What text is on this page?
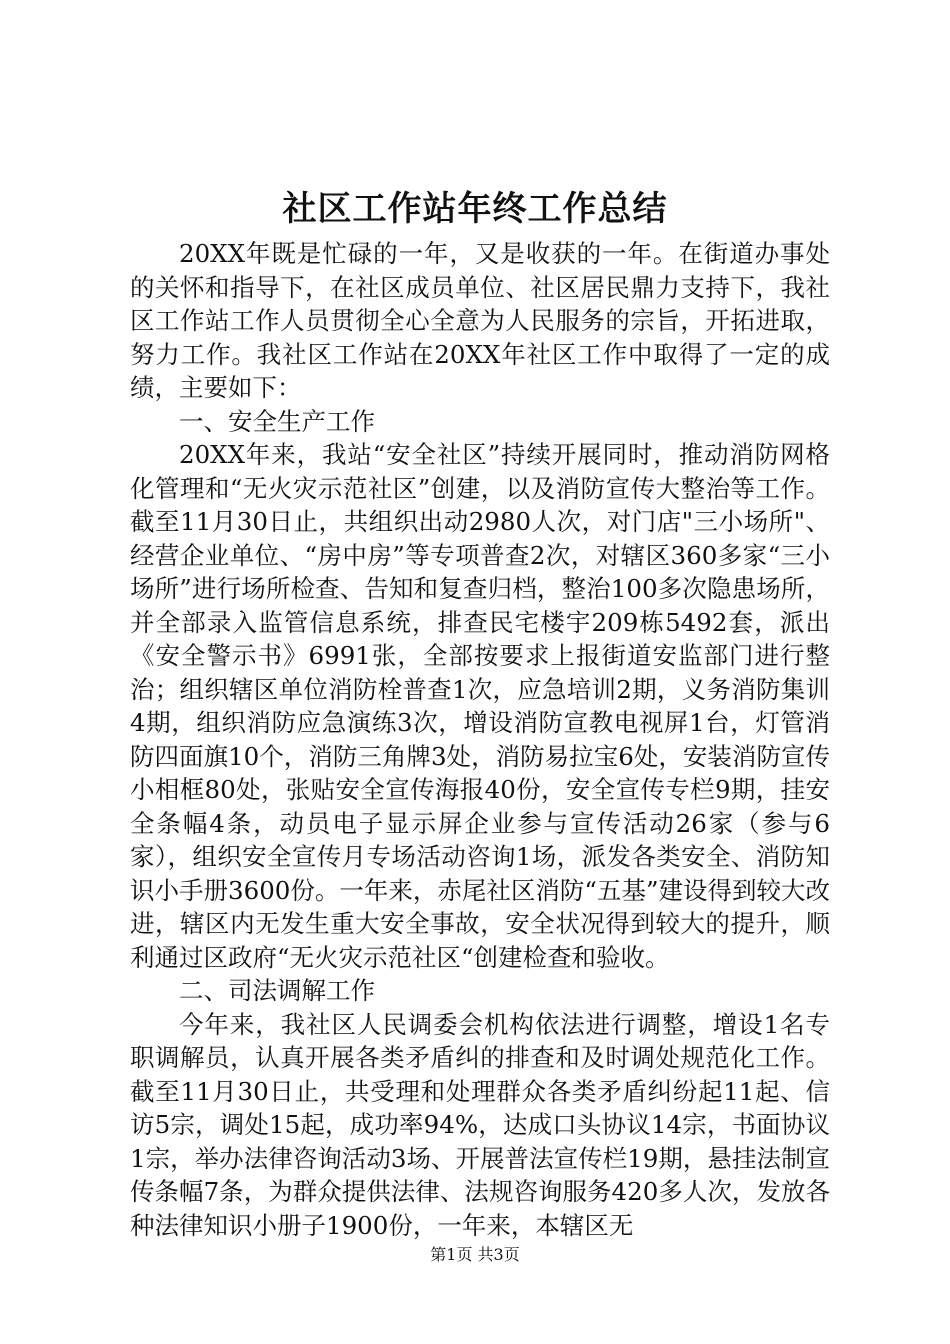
社区工作站年终工作总结

20XX年既是忙碌的一年，又是收获的一年。在街道办事处的关怀和指导下，在社区成员单位、社区居民鼎力支持下，我社区工作站工作人员贯彻全心全意为人民服务的宗旨，开拓进取，努力工作。我社区工作站在20XX年社区工作中取得了一定的成绩，主要如下：

一、安全生产工作

20XX年来，我站“安全社区”持续开展同时，推动消防网格化管理和“无火灾示范社区”创建，以及消防宣传大整治等工作。截至11月30日止，共组织出动2980人次，对门店"三小场所"、经营企业单位、“房中房”等专项普查2次，对辖区360多家“三小场所”进行场所检查、告知和复查归档，整治100多次隐患场所，并全部录入监管信息系统，排查民宅楼宇209栋5492套，派出《安全警示书》6991张，全部按要求上报街道安监部门进行整治；组织辖区单位消防栓普查1次，应急培训2期，义务消防集训4期，组织消防应急演练3次，增设消防宣教电视屏1台，灯管消防四面旗10个，消防三角牌3处，消防易拉宝6处，安装消防宣传小相框80处，张贴安全宣传海报40份，安全宣传专栏9期，挂安全条幅4条，动员电子显示屏企业参与宣传活动26家（参与6家），组织安全宣传月专场活动咨询1场，派发各类安全、消防知识小手册3600份。一年来，赤尾社区消防“五基”建设得到较大改进，辖区内无发生重大安全事故，安全状况得到较大的提升，顺利通过区政府“无火灾示范社区“创建检查和验收。

二、司法调解工作

今年来，我社区人民调委会机构依法进行调整，增设1名专职调解员，认真开展各类矛盾纠的排查和及时调处规范化工作。截至11月30日止，共受理和处理群众各类矛盾纠纷起11起、信访5宗，调处15起，成功率94%，达成口头协议14宗，书面协议1宗，举办法律咨询活动3场、开展普法宣传栏19期，悬挂法制宣传条幅7条，为群众提供法律、法规咨询服务420多人次，发放各种法律知识小册子1900份，一年来，本辖区无

第1页 共3页
